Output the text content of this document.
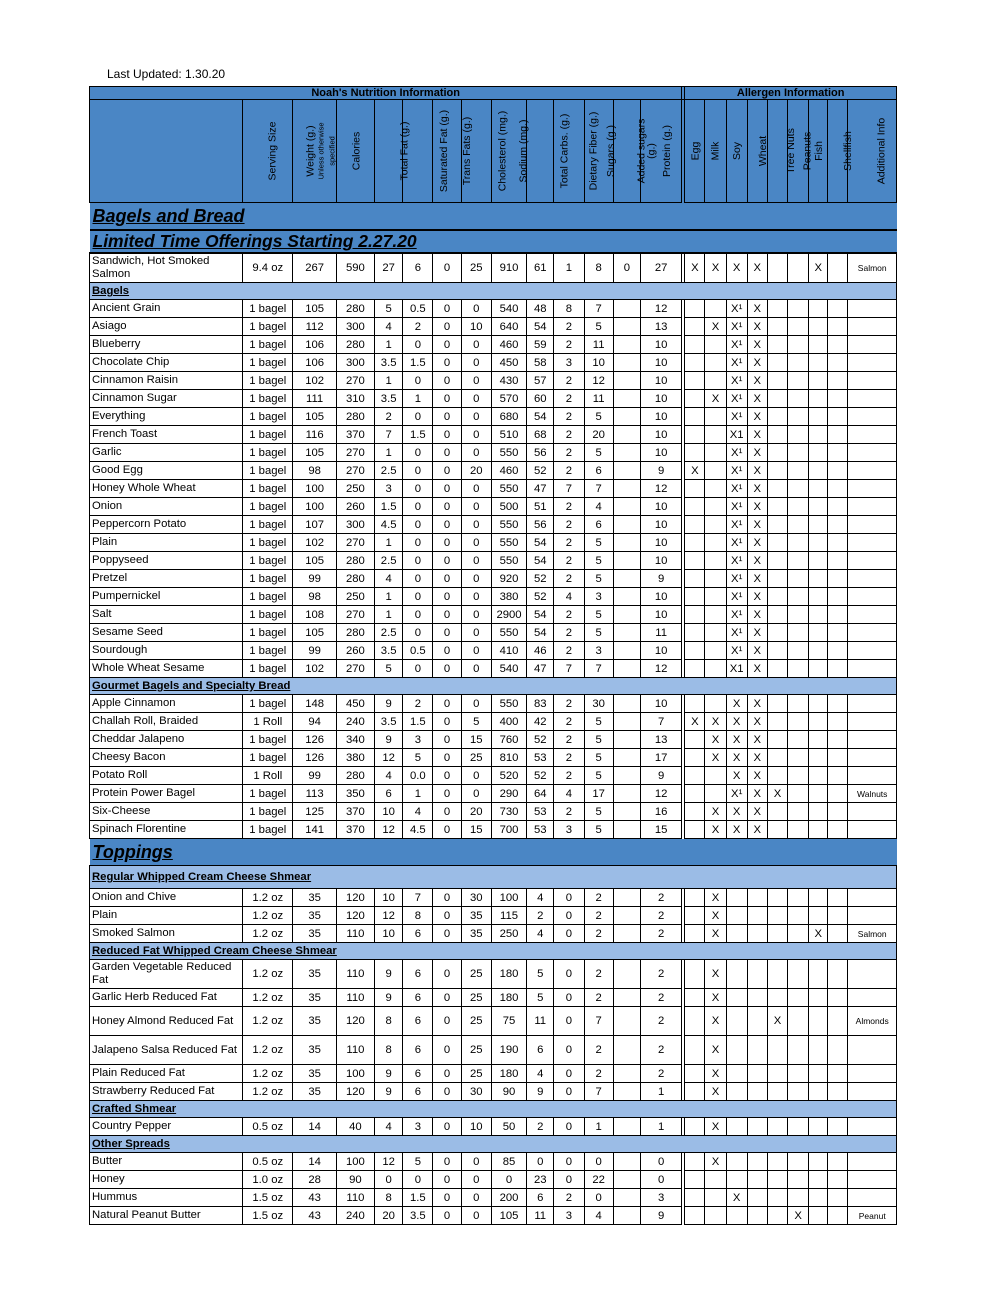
Last Updated: 1.30.20
Noah's Nutrition Information															Allergen Information								
	Serving Size	Weight (g.)
Unless otherwise specified	Calories	Total Fat (g.)	Saturated Fat (g.)	Trans Fats (g.)	Cholesterol (mg.)	Sodium (mg.)	Total Carbs. (g.)	Dietary Fiber (g.)	Sugars (g.)	Added sugars
(g.)	Protein (g.)		Egg	Milk	Soy	Wheat	Tree Nuts	Peanuts	Fish	Shellfish	Additional Info
Bagels and Bread																							
Limited Time Offerings Starting 2.27.20																							
Sandwich, Hot Smoked Salmon	9.4 oz	267	590	27	6	0	25	910	61	1	8	0	27		X	X	X	X			X		Salmon
Bagels																							
Ancient Grain	1 bagel	105	280	5	0.5	0	0	540	48	8	7		12				X¹	X					
Asiago	1 bagel	112	300	4	2	0	10	640	54	2	5		13			X	X¹	X					
Blueberry	1 bagel	106	280	1	0	0	0	460	59	2	11		10				X¹	X					
Chocolate Chip	1 bagel	106	300	3.5	1.5	0	0	450	58	3	10		10				X¹	X					
Cinnamon Raisin	1 bagel	102	270	1	0	0	0	430	57	2	12		10				X¹	X					
Cinnamon Sugar	1 bagel	111	310	3.5	1	0	0	570	60	2	11		10			X	X¹	X					
Everything	1 bagel	105	280	2	0	0	0	680	54	2	5		10				X¹	X					
French Toast	1 bagel	116	370	7	1.5	0	0	510	68	2	20		10				X1	X					
Garlic	1 bagel	105	270	1	0	0	0	550	56	2	5		10				X¹	X					
Good Egg	1 bagel	98	270	2.5	0	0	20	460	52	2	6		9		X		X¹	X					
Honey Whole Wheat	1 bagel	100	250	3	0	0	0	550	47	7	7		12				X¹	X					
Onion	1 bagel	100	260	1.5	0	0	0	500	51	2	4		10				X¹	X					
Peppercorn Potato	1 bagel	107	300	4.5	0	0	0	550	56	2	6		10				X¹	X					
Plain	1 bagel	102	270	1	0	0	0	550	54	2	5		10				X¹	X					
Poppyseed	1 bagel	105	280	2.5	0	0	0	550	54	2	5		10				X¹	X					
Pretzel	1 bagel	99	280	4	0	0	0	920	52	2	5		9				X¹	X					
Pumpernickel	1 bagel	98	250	1	0	0	0	380	52	4	3		10				X¹	X					
Salt	1 bagel	108	270	1	0	0	0	2900	54	2	5		10				X¹	X					
Sesame Seed	1 bagel	105	280	2.5	0	0	0	550	54	2	5		11				X¹	X					
Sourdough	1 bagel	99	260	3.5	0.5	0	0	410	46	2	3		10				X¹	X					
Whole Wheat Sesame	1 bagel	102	270	5	0	0	0	540	47	7	7		12				X1	X					
Gourmet Bagels and Specialty Bread																							
Apple Cinnamon	1 bagel	148	450	9	2	0	0	550	83	2	30		10				X	X					
Challah Roll, Braided	1 Roll	94	240	3.5	1.5	0	5	400	42	2	5		7		X	X	X	X					
Cheddar Jalapeno	1 bagel	126	340	9	3	0	15	760	52	2	5		13			X	X	X					
Cheesy Bacon	1 bagel	126	380	12	5	0	25	810	53	2	5		17			X	X	X					
Potato Roll	1 Roll	99	280	4	0.0	0	0	520	52	2	5		9				X	X					
Protein Power Bagel	1 bagel	113	350	6	1	0	0	290	64	4	17		12				X¹	X	X				Walnuts
Six-Cheese	1 bagel	125	370	10	4	0	20	730	53	2	5		16			X	X	X					
Spinach Florentine	1 bagel	141	370	12	4.5	0	15	700	53	3	5		15			X	X	X					
Toppings																							
Regular Whipped Cream Cheese Shmear																							
Onion and Chive	1.2 oz	35	120	10	7	0	30	100	4	0	2		2			X							
Plain	1.2 oz	35	120	12	8	0	35	115	2	0	2		2			X							
Smoked Salmon	1.2 oz	35	110	10	6	0	35	250	4	0	2		2			X					X		Salmon
Reduced Fat Whipped Cream Cheese Shmear																							
Garden Vegetable Reduced Fat	1.2 oz	35	110	9	6	0	25	180	5	0	2		2			X							
Garlic Herb Reduced Fat	1.2 oz	35	110	9	6	0	25	180	5	0	2		2			X							
Honey Almond Reduced Fat	1.2 oz	35	120	8	6	0	25	75	11	0	7		2			X			X				Almonds
Jalapeno Salsa Reduced Fat	1.2 oz	35	110	8	6	0	25	190	6	0	2		2			X							
Plain Reduced Fat	1.2 oz	35	100	9	6	0	25	180	4	0	2		2			X							
Strawberry Reduced Fat	1.2 oz	35	120	9	6	0	30	90	9	0	7		1			X							
Crafted Shmear																							
Country Pepper	0.5 oz	14	40	4	3	0	10	50	2	0	1		1			X							
Other Spreads																							
Butter	0.5 oz	14	100	12	5	0	0	85	0	0	0		0			X							
Honey	1.0 oz	28	90	0	0	0	0	0	23	0	22		0										
Hummus	1.5 oz	43	110	8	1.5	0	0	200	6	2	0		3				X						
Natural Peanut Butter	1.5 oz	43	240	20	3.5	0	0	105	11	3	4		9							X			Peanut
